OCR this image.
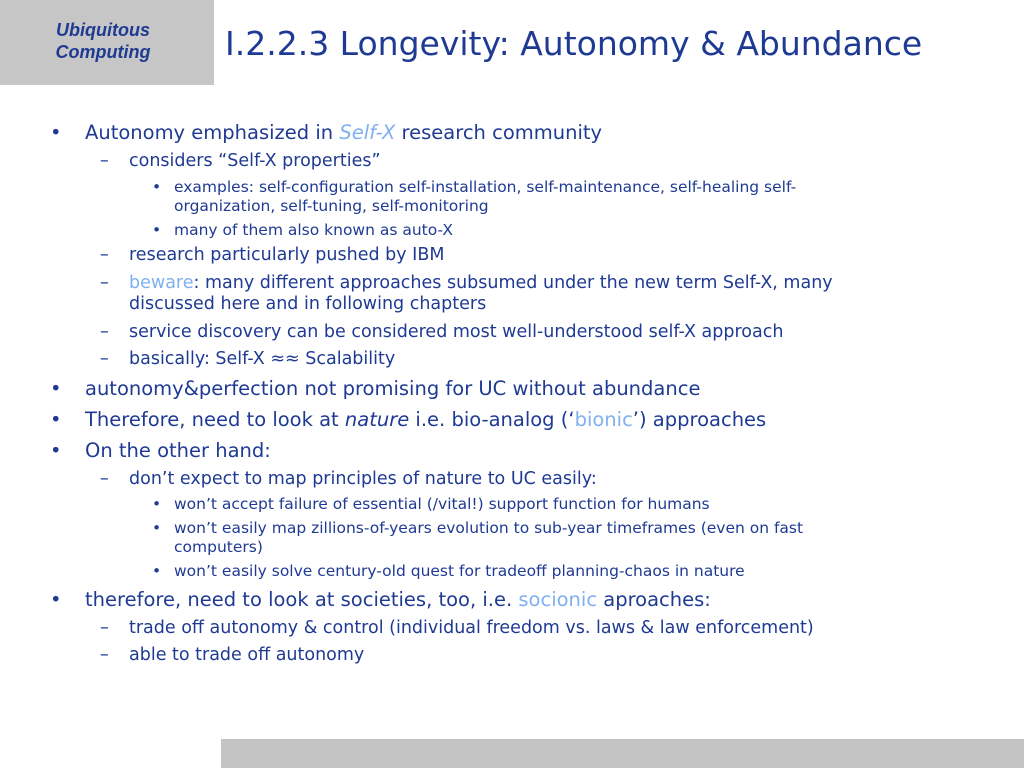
Ubiquitous
Computing	I.2.2.3 Longevity: Autonomy & Abundance
• Autonomy emphasized in Self-X research community
– considers “Self-X properties”
• examples: self-configuration self-installation, self-maintenance, self-healing self-
organization, self-tuning, self-monitoring
• many of them also known as auto-X
– research particularly pushed by IBM
– beware: many different approaches subsumed under the new term Self-X, many
discussed here and in following chapters
– service discovery can be considered most well-understood self-X approach
– basically: Self-X ≈≈ Scalability
• autonomy&perfection not promising for UC without abundance
• Therefore, need to look at nature i.e. bio-analog (‘bionic’) approaches
• On the other hand:
– don’t expect to map principles of nature to UC easily:
• won’t accept failure of essential (/vital!) support function for humans
• won’t easily map zillions-of-years evolution to sub-year timeframes (even on fast
computers)
• won’t easily solve century-old quest for tradeoff planning-chaos in nature
• therefore, need to look at societies, too, i.e. socionic aproaches:
– trade off autonomy & control (individual freedom vs. laws & law enforcement)
– able to trade off autonomy
